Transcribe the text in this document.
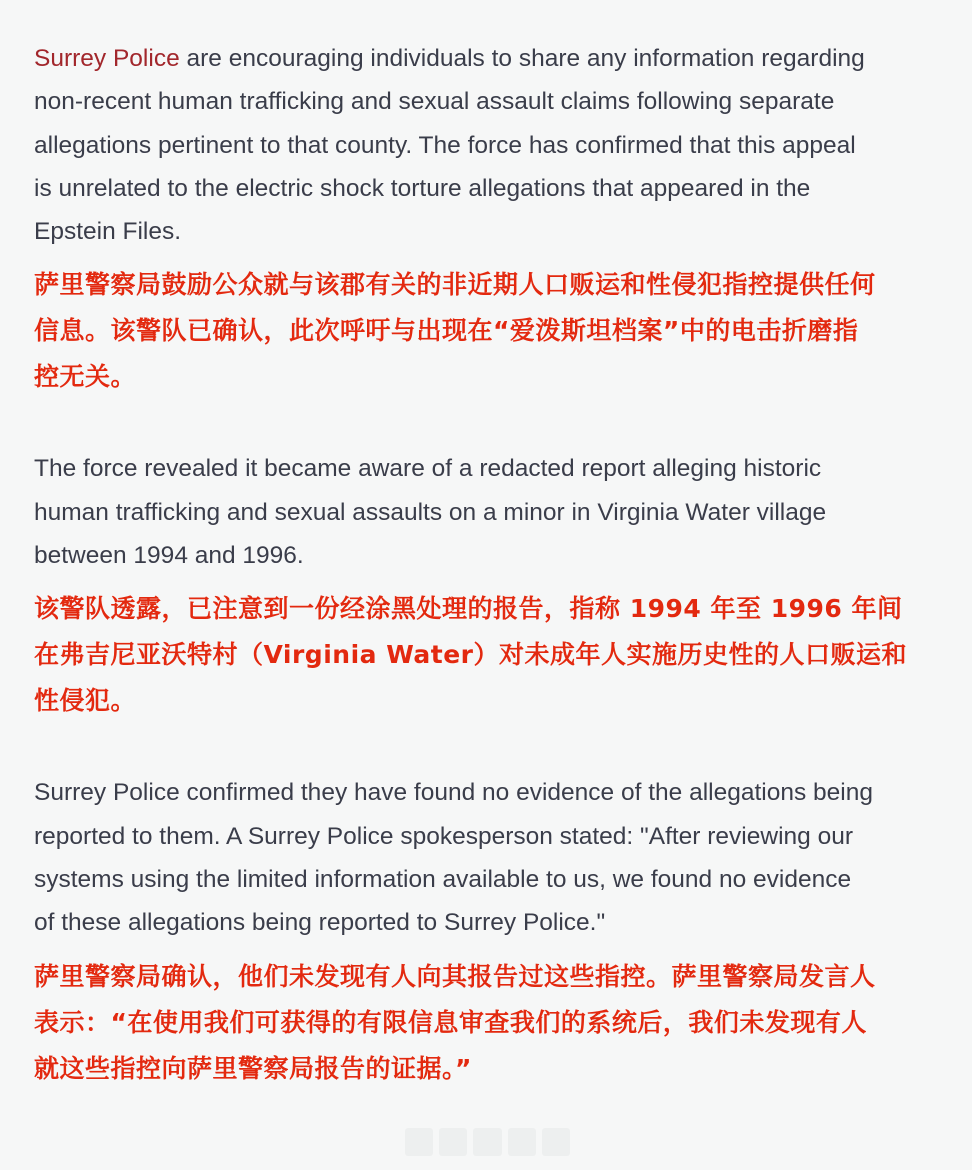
Surrey Police are encouraging individuals to share any information regarding
non-recent human trafficking and sexual assault claims following separate
allegations pertinent to that county. The force has confirmed that this appeal
is unrelated to the electric shock torture allegations that appeared in the
Epstein Files.

萨里警察局鼓励公众就与该郡有关的非近期人口贩运和性侵犯指控提供任何
信息。该警队已确认，此次呼吁与出现在“爱泼斯坦档案”中的电击折磨指
控无关。

The force revealed it became aware of a redacted report alleging historic
human trafficking and sexual assaults on a minor in Virginia Water village
between 1994 and 1996.

该警队透露，已注意到一份经涂黑处理的报告，指称 1994 年至 1996 年间
在弗吉尼亚沃特村（Virginia Water）对未成年人实施历史性的人口贩运和
性侵犯。

Surrey Police confirmed they have found no evidence of the allegations being
reported to them. A Surrey Police spokesperson stated: "After reviewing our
systems using the limited information available to us, we found no evidence
of these allegations being reported to Surrey Police."

萨里警察局确认，他们未发现有人向其报告过这些指控。萨里警察局发言人
表示：“在使用我们可获得的有限信息审查我们的系统后，我们未发现有人
就这些指控向萨里警察局报告的证据。”
